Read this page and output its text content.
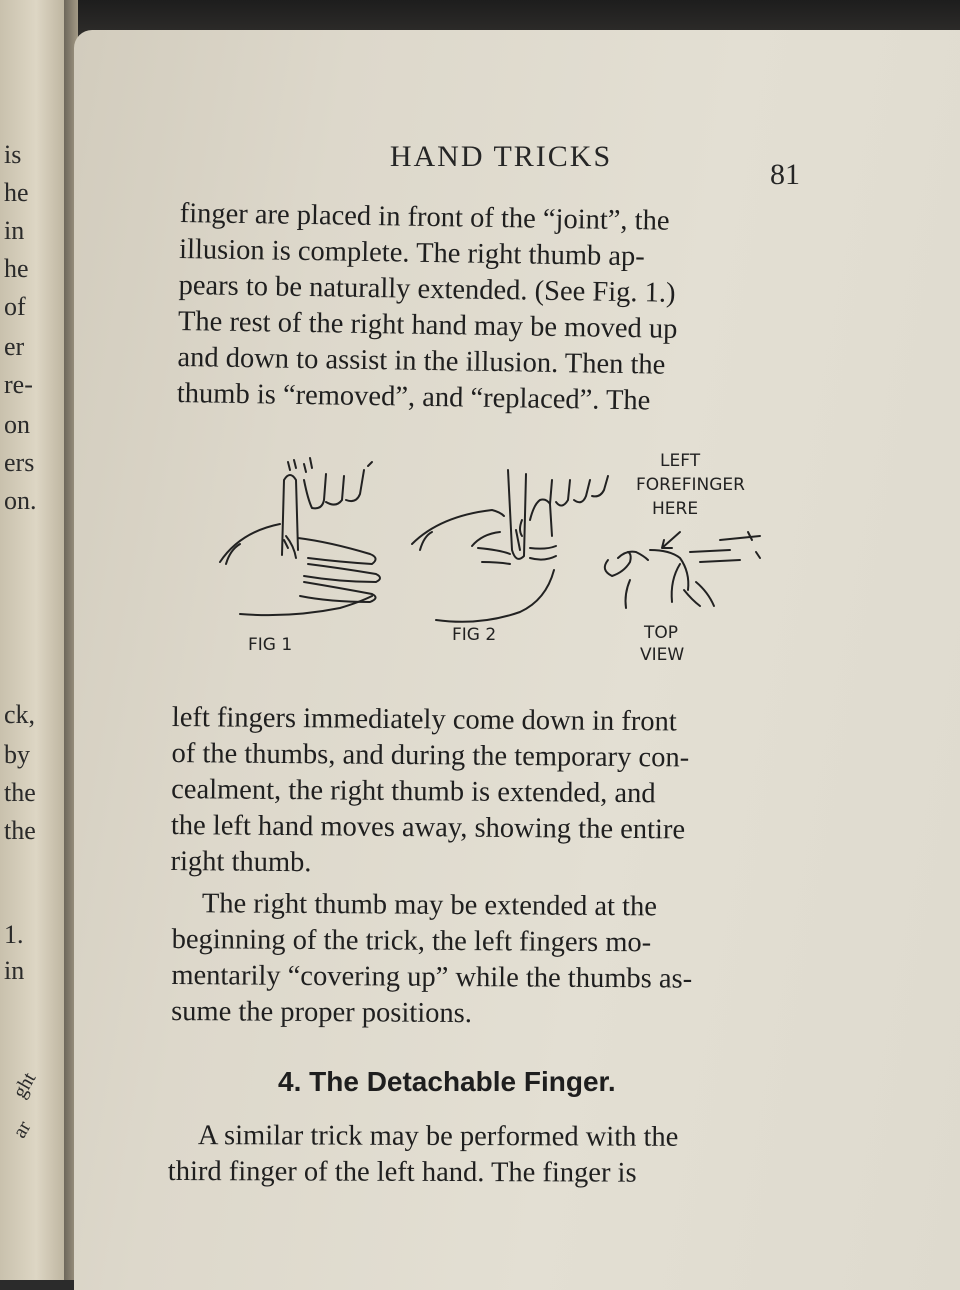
is
he
in
he
of
er
re-
on
ers
on.
ck,
by
the
the
1.
in
ght
ar
HAND TRICKS
81
finger are placed in front of the “joint”, the
illusion is complete. The right thumb ap-
pears to be naturally extended. (See Fig. 1.)
The rest of the right hand may be moved up
and down to assist in the illusion. Then the
thumb is “removed”, and “replaced”. The
FIG 1	FIG 2	TOP
VIEW
LEFT
FOREFINGER
HERE
left fingers immediately come down in front
of the thumbs, and during the temporary con-
cealment, the right thumb is extended, and
the left hand moves away, showing the entire
right thumb.
The right thumb may be extended at the
beginning of the trick, the left fingers mo-
mentarily “covering up” while the thumbs as-
sume the proper positions.
4. The Detachable Finger.
A similar trick may be performed with the
third finger of the left hand. The finger is
